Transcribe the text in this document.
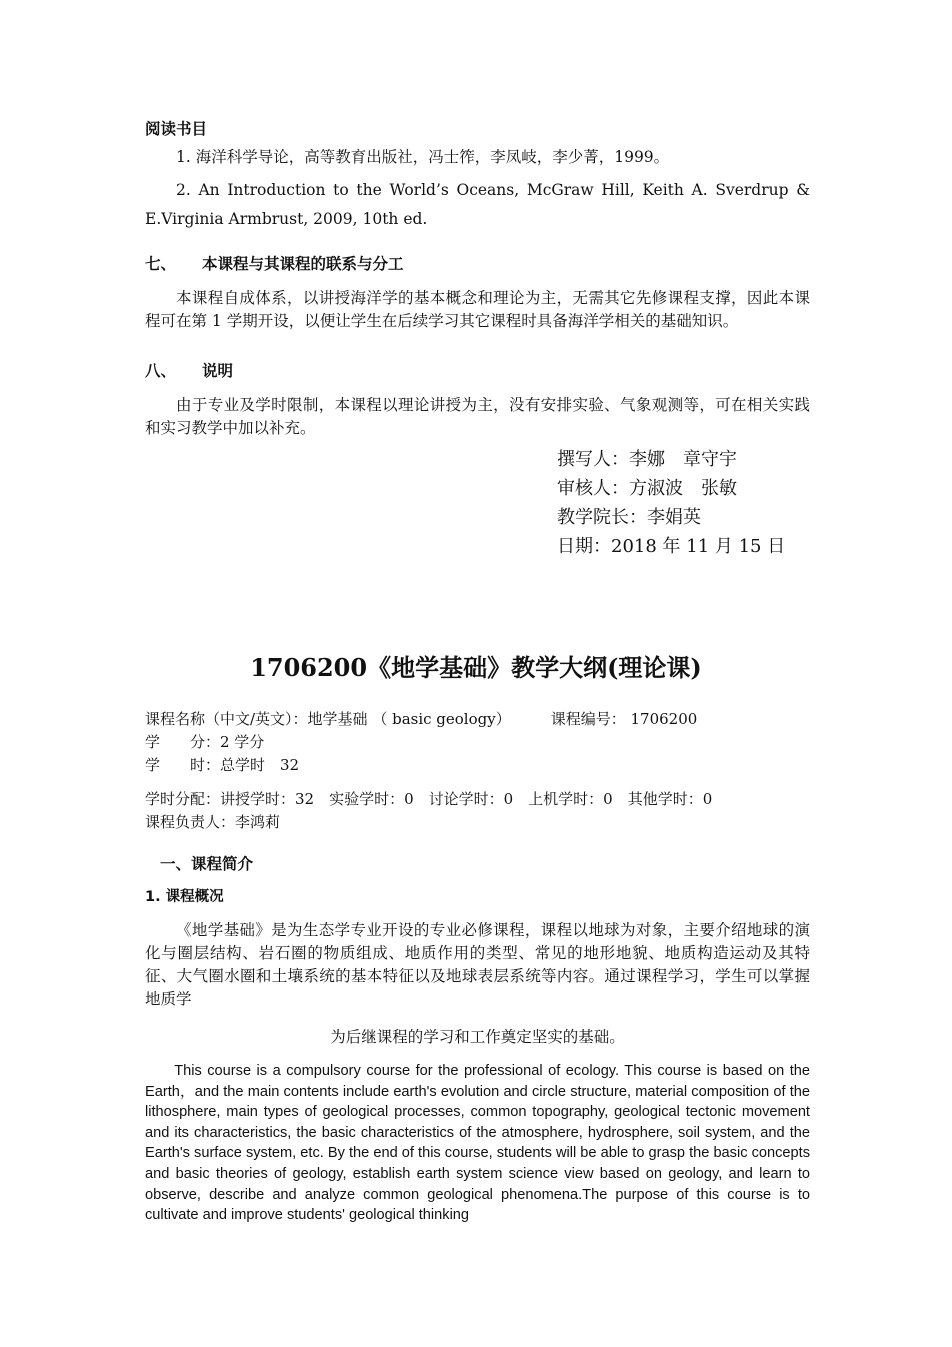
阅读书目
1. 海洋科学导论，高等教育出版社，冯士筰，李凤岐，李少菁，1999。
2. An Introduction to the World’s Oceans, McGraw Hill, Keith A. Sverdrup & E.Virginia Armbrust, 2009, 10th ed.
七、 本课程与其课程的联系与分工
本课程自成体系，以讲授海洋学的基本概念和理论为主，无需其它先修课程支撑，因此本课程可在第 1 学期开设，以便让学生在后续学习其它课程时具备海洋学相关的基础知识。
八、 说明
由于专业及学时限制，本课程以理论讲授为主，没有安排实验、气象观测等，可在相关实践和实习教学中加以补充。
撰写人：李娜　章守宇
审核人：方淑波　张敏
教学院长：李娟英
日期：2018 年 11 月 15 日
1706200《地学基础》教学大纲(理论课)
课程名称（中文/英文）：地学基础 （ basic geology）	课程编号： 1706200
学　　分：2 学分
学　　时：总学时　32
学时分配：讲授学时：32　实验学时：0　讨论学时：0　上机学时：0　其他学时：0
课程负责人：李鸿莉
一、课程简介
1. 课程概况
《地学基础》是为生态学专业开设的专业必修课程，课程以地球为对象，主要介绍地球的演化与圈层结构、岩石圈的物质组成、地质作用的类型、常见的地形地貌、地质构造运动及其特征、大气圈水圈和土壤系统的基本特征以及地球表层系统等内容。通过课程学习，学生可以掌握地质学
为后继课程的学习和工作奠定坚实的基础。
This course is a compulsory course for the professional of ecology. This course is based on the Earth，and the main contents include earth's evolution and circle structure, material composition of the lithosphere, main types of geological processes, common topography, geological tectonic movement and its characteristics, the basic characteristics of the atmosphere, hydrosphere, soil system, and the Earth's surface system, etc. By the end of this course, students will be able to grasp the basic concepts and basic theories of geology, establish earth system science view based on geology, and learn to observe, describe and analyze common geological phenomena.The purpose of this course is to cultivate and improve students' geological thinking
